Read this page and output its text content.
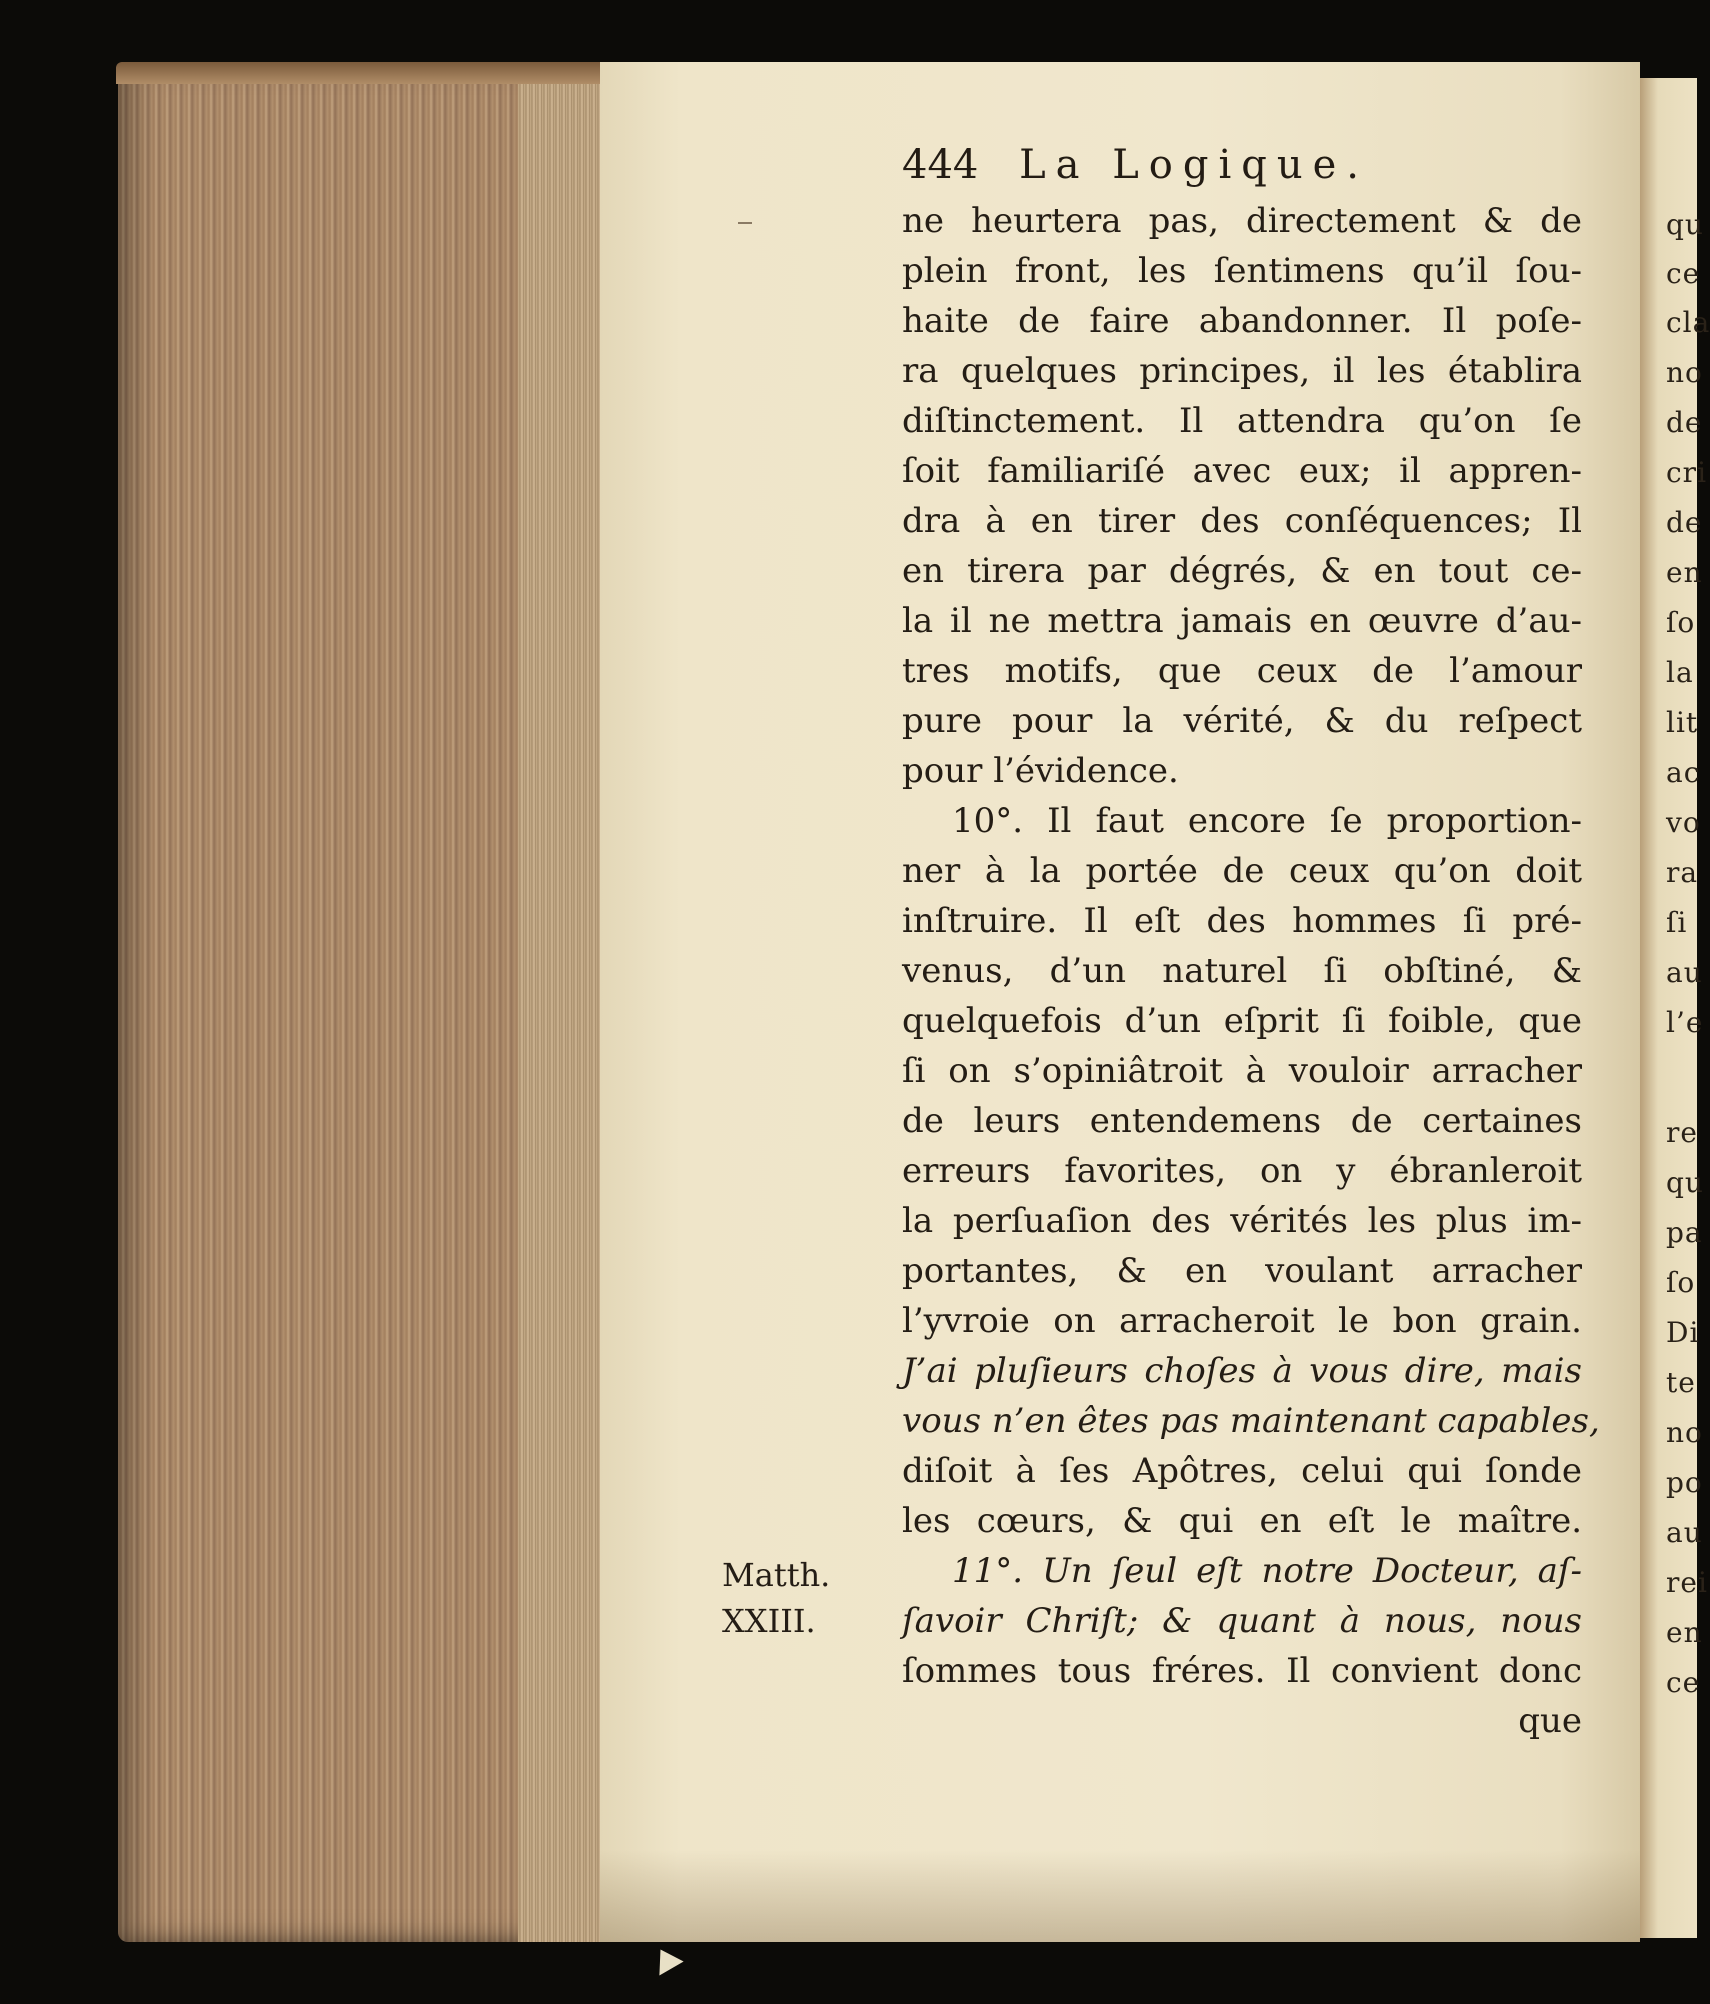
qu
ce
cla
no
de
cri
de
en
ſo
la
lit
ac
vo
ra
ſi
au
l’e
re
qu
pa
ſo
Di
te
no
po
au
rei
en
ce
444 La Logique.
ne heurtera pas, directement & de
plein front, les ſentimens qu’il ſou-
haite de faire abandonner. Il poſe-
ra quelques principes, il les établira
diſtinctement. Il attendra qu’on ſe
ſoit familiariſé avec eux; il appren-
dra à en tirer des conſéquences; Il
en tirera par dégrés, & en tout ce-
la il ne mettra jamais en œuvre d’au-
tres motifs, que ceux de l’amour
pure pour la vérité, & du reſpect
pour l’évidence.
10°. Il faut encore ſe proportion-
ner à la portée de ceux qu’on doit
inſtruire. Il eſt des hommes ſi pré-
venus, d’un naturel ſi obſtiné, &
quelquefois d’un eſprit ſi foible, que
ſi on s’opiniâtroit à vouloir arracher
de leurs entendemens de certaines
erreurs favorites, on y ébranleroit
la perſuaſion des vérités les plus im-
portantes, & en voulant arracher
l’yvroie on arracheroit le bon grain.
J’ai pluſieurs choſes à vous dire, mais
vous n’en êtes pas maintenant capables,
diſoit à ſes Apôtres, celui qui ſonde
les cœurs, & qui en eſt le maître.
11°. Un ſeul eſt notre Docteur, aſ-
ſavoir Chriſt; & quant à nous, nous
ſommes tous fréres. Il convient donc
que
Matth.
XXIII.
